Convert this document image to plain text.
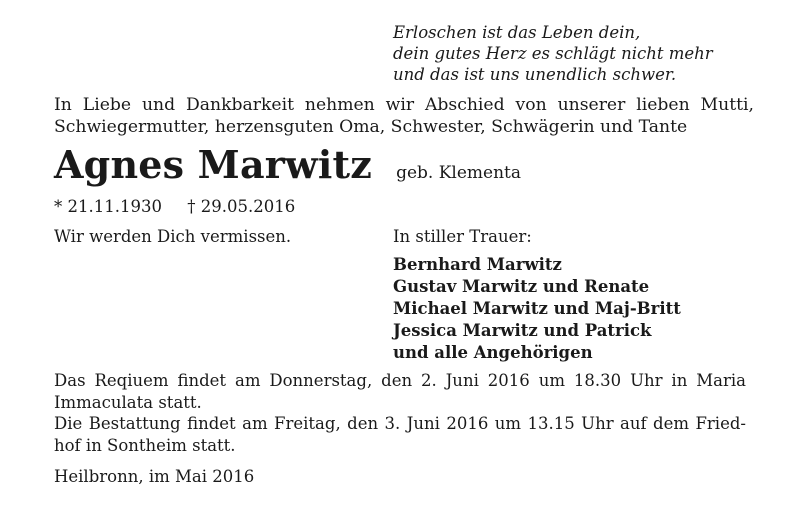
Erloschen ist das Leben dein,
dein gutes Herz es schlägt nicht mehr
und das ist uns unendlich schwer.
In Liebe und Dankbarkeit nehmen wir Abschied von unserer lieben Mutti,
Schwiegermutter, herzensguten Oma, Schwester, Schwägerin und Tante
Agnes Marwitz geb. Klementa
* 21.11.1930 † 29.05.2016
Wir werden Dich vermissen.	In stiller Trauer:
Bernhard Marwitz
Gustav Marwitz und Renate
Michael Marwitz und Maj-Britt
Jessica Marwitz und Patrick
und alle Angehörigen
Das Reqiuem findet am Donnerstag, den 2. Juni 2016 um 18.30 Uhr in Maria
Immaculata statt.
Die Bestattung findet am Freitag, den 3. Juni 2016 um 13.15 Uhr auf dem Fried-
hof in Sontheim statt.
Heilbronn, im Mai 2016
